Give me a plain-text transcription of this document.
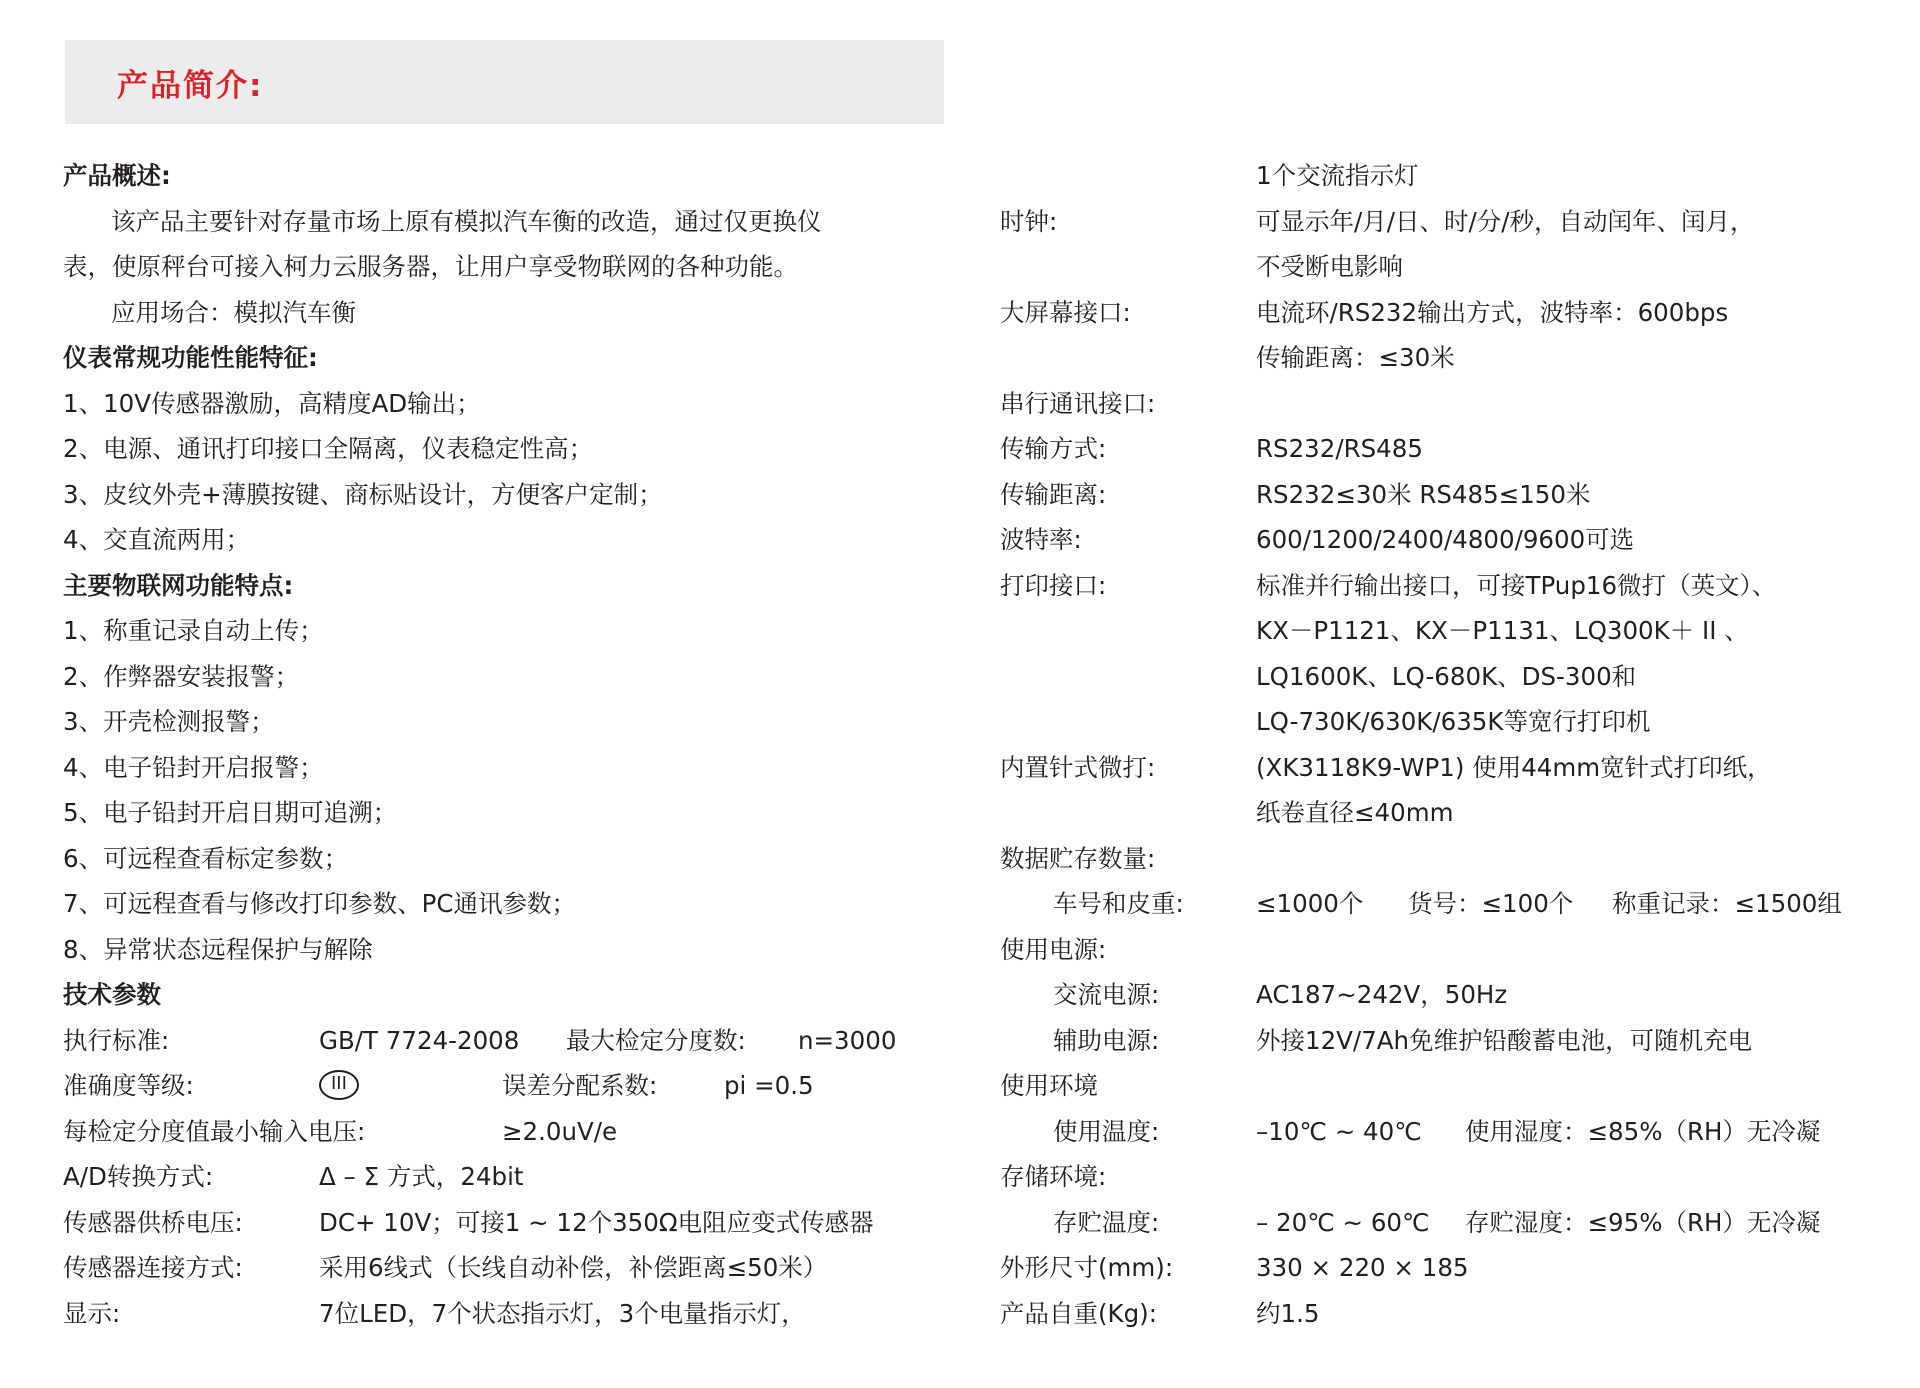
产品简介:
产品概述:
该产品主要针对存量市场上原有模拟汽车衡的改造，通过仅更换仪
表，使原秤台可接入柯力云服务器，让用户享受物联网的各种功能。
应用场合：模拟汽车衡
仪表常规功能性能特征:
1、10V传感器激励，高精度AD输出；
2、电源、通讯打印接口全隔离，仪表稳定性高；
3、皮纹外壳+薄膜按键、商标贴设计，方便客户定制；
4、交直流两用；
主要物联网功能特点:
1、称重记录自动上传；
2、作弊器安装报警；
3、开壳检测报警；
4、电子铅封开启报警；
5、电子铅封开启日期可追溯；
6、可远程查看标定参数；
7、可远程查看与修改打印参数、PC通讯参数；
8、异常状态远程保护与解除
技术参数
执行标准:	GB/T 7724-2008 最大检定分度数: n=3000
准确度等级:	III	误差分配系数:	pi =0.5
每检定分度值最小输入电压:	≥2.0uV/e
A/D转换方式:	Δ – Σ 方式，24bit
传感器供桥电压:	DC+ 10V；可接1 ~ 12个350Ω电阻应变式传感器
传感器连接方式:	采用6线式（长线自动补偿，补偿距离≤50米）
显示:	7位LED，7个状态指示灯，3个电量指示灯，
1个交流指示灯
时钟:	可显示年/月/日、时/分/秒，自动闰年、闰月，
不受断电影响
大屏幕接口:	电流环/RS232输出方式，波特率：600bps
传输距离：≤30米
串行通讯接口:
传输方式:	RS232/RS485
传输距离:	RS232≤30米 RS485≤150米
波特率:	600/1200/2400/4800/9600可选
打印接口:	标准并行输出接口，可接TPup16微打（英文）、
KX－P1121、KX－P1131、LQ300K＋ II 、
LQ1600K、LQ-680K、DS-300和
LQ-730K/630K/635K等宽行打印机
内置针式微打:	(XK3118K9-WP1) 使用44mm宽针式打印纸，
纸卷直径≤40mm
数据贮存数量:
车号和皮重:	≤1000个 货号：≤100个 称重记录：≤1500组
使用电源:
交流电源:	AC187~242V，50Hz
辅助电源:	外接12V/7Ah免维护铅酸蓄电池，可随机充电
使用环境
使用温度:	–10℃ ~ 40℃ 使用湿度：≤85%（RH）无冷凝
存储环境:
存贮温度:	– 20℃ ~ 60℃ 存贮湿度：≤95%（RH）无冷凝
外形尺寸(mm):	330 × 220 × 185
产品自重(Kg):	约1.5
